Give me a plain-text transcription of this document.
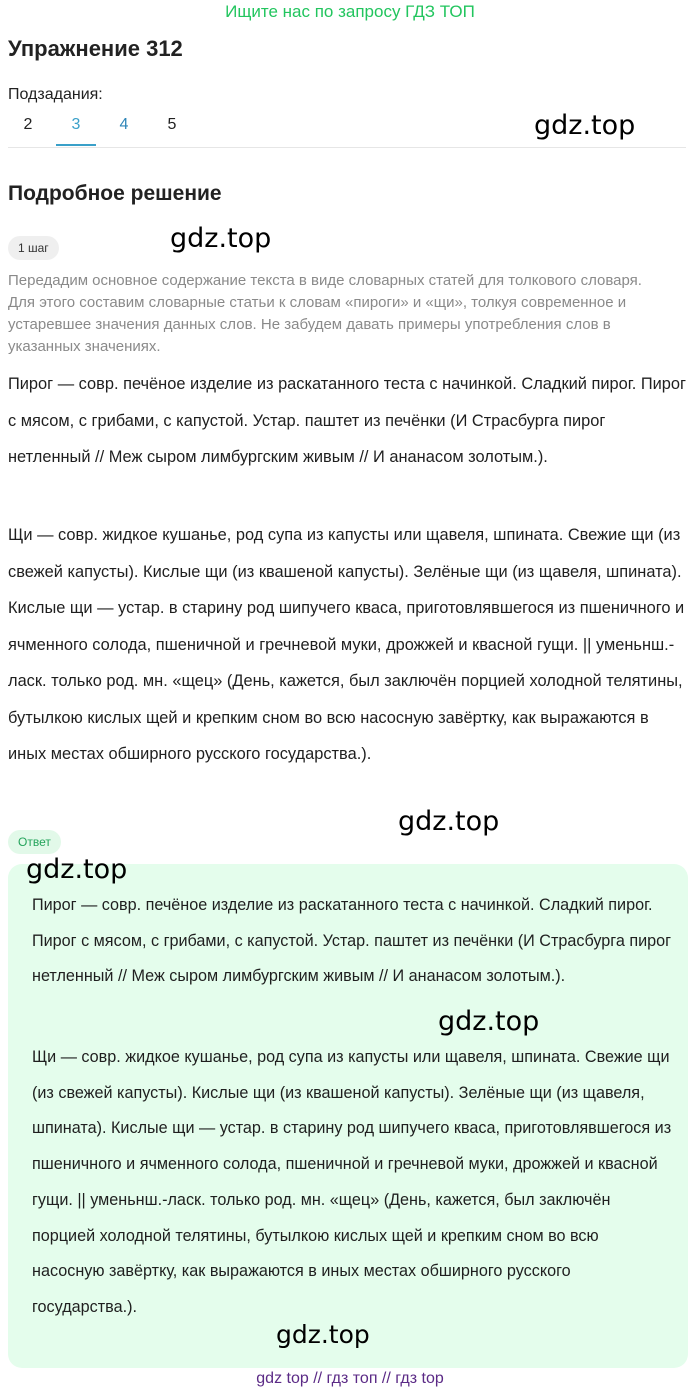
Ищите нас по запросу ГДЗ ТОП
Упражнение 312
Подзадания:
2	3	4	5	gdz.top
Подробное решение
1 шаг	gdz.top
Передадим основное содержание текста в виде словарных статей для толкового словаря. Для этого составим словарные статьи к словам «пироги» и «щи», толкуя современное и устаревшее значения данных слов. Не забудем давать примеры употребления слов в указанных значениях.
Пирог — совр. печёное изделие из раскатанного теста с начинкой. Сладкий пирог. Пирог с мясом, с грибами, с капустой. Устар. паштет из печёнки (И Страсбурга пирог нетленный // Меж сыром лимбургским живым // И ананасом золотым.).
Щи — совр. жидкое кушанье, род супа из капусты или щавеля, шпината. Свежие щи (из свежей капусты). Кислые щи (из квашеной капусты). Зелёные щи (из щавеля, шпината). Кислые щи — устар. в старину род шипучего кваса, приготовлявшегося из пшеничного и ячменного солода, пшеничной и гречневой муки, дрожжей и квасной гущи. || уменьнш.-ласк. только род. мн. «щец» (День, кажется, был заключён порцией холодной телятины, бутылкою кислых щей и крепким сном во всю насосную завёртку, как выражаются в иных местах обширного русского государства.).
gdz.top
Ответ
gdz.top
Пирог — совр. печёное изделие из раскатанного теста с начинкой. Сладкий пирог. Пирог с мясом, с грибами, с капустой. Устар. паштет из печёнки (И Страсбурга пирог нетленный // Меж сыром лимбургским живым // И ананасом золотым.).
gdz.top
Щи — совр. жидкое кушанье, род супа из капусты или щавеля, шпината. Свежие щи (из свежей капусты). Кислые щи (из квашеной капусты). Зелёные щи (из щавеля, шпината). Кислые щи — устар. в старину род шипучего кваса, приготовлявшегося из пшеничного и ячменного солода, пшеничной и гречневой муки, дрожжей и квасной гущи. || уменьнш.-ласк. только род. мн. «щец» (День, кажется, был заключён порцией холодной телятины, бутылкою кислых щей и крепким сном во всю насосную завёртку, как выражаются в иных местах обширного русского государства.).
gdz.top
gdz top // гдз топ // гдз top
